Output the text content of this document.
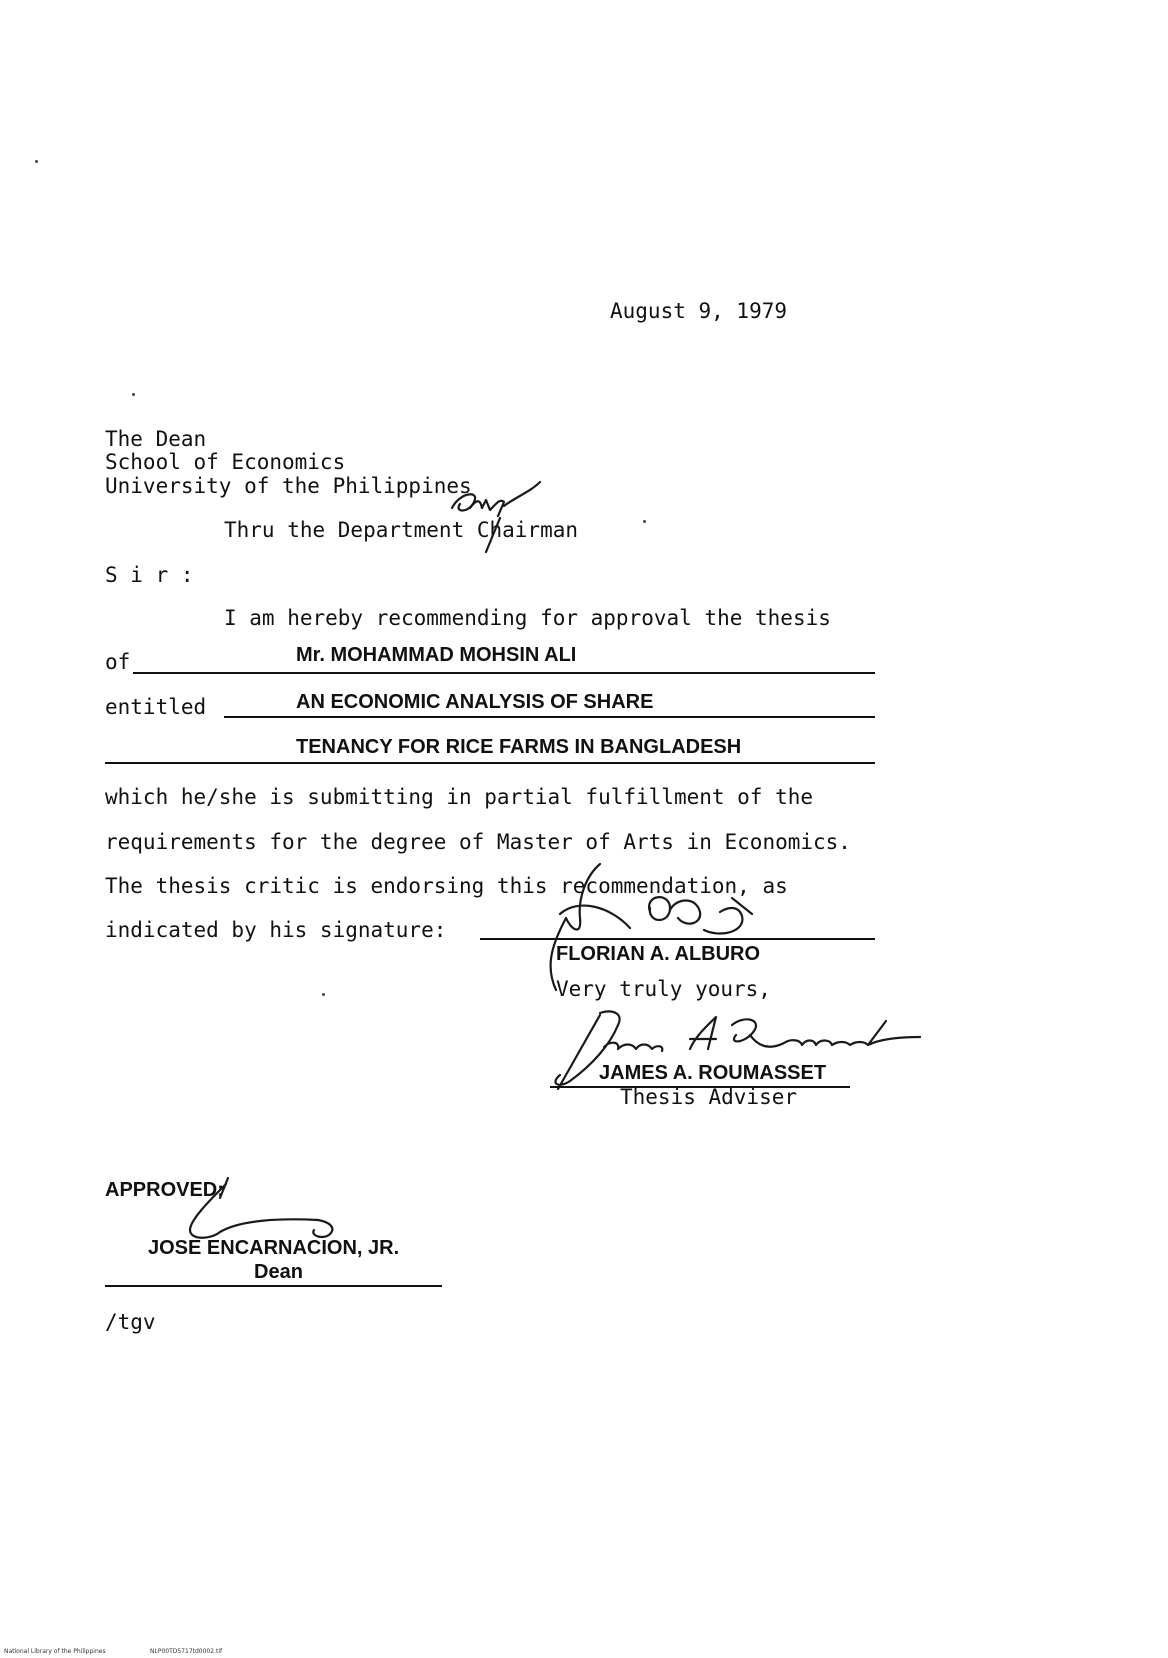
August 9, 1979
The Dean
School of Economics
University of the Philippines
Thru the Department Chairman
S i r :
I am hereby recommending for approval the thesis
of	Mr. MOHAMMAD MOHSIN ALI
entitled	AN ECONOMIC ANALYSIS OF SHARE
TENANCY FOR RICE FARMS IN BANGLADESH
which he/she is submitting in partial fulfillment of the
requirements for the degree of Master of Arts in Economics.
The thesis critic is endorsing this recommendation, as
indicated by his signature:
FLORIAN A. ALBURO
Very truly yours,
JAMES A. ROUMASSET
Thesis Adviser
APPROVED:
JOSE ENCARNACION, JR.
Dean
/tgv
National Library of the Philippines	NLP00TD5717td0002.tif
